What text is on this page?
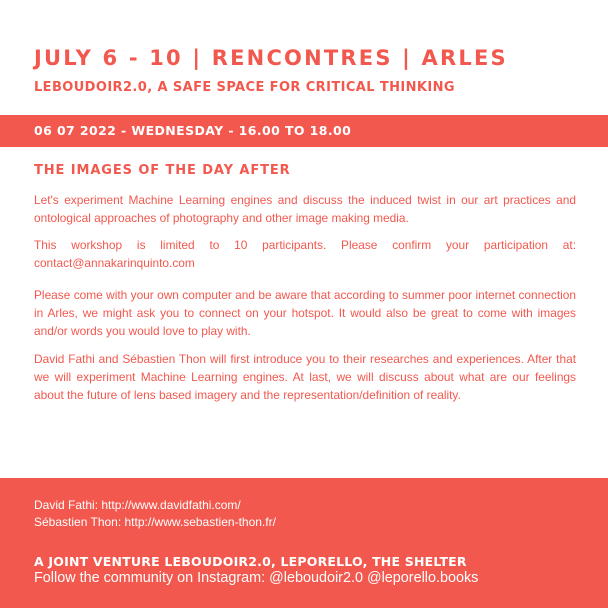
JULY 6 - 10 | RENCONTRES | ARLES
LEBOUDOIR2.0, A SAFE SPACE FOR CRITICAL THINKING
06 07 2022 - WEDNESDAY - 16.00 TO 18.00
THE IMAGES OF THE DAY AFTER

Let's experiment Machine Learning engines and discuss the induced twist in our art practices and ontological approaches of photography and other image making media.

This workshop is limited to 10 participants. Please confirm your participation at: contact@annakarinquinto.com

Please come with your own computer and be aware that according to summer poor internet connection in Arles, we might ask you to connect on your hotspot. It would also be great to come with images and/or words you would love to play with.

David Fathi and Sébastien Thon will first introduce you to their researches and experiences. After that we will experiment Machine Learning engines. At last, we will discuss about what are our feelings about the future of lens based imagery and the representation/definition of reality.

David Fathi: http://www.davidfathi.com/
Sébastien Thon: http://www.sebastien-thon.fr/
A JOINT VENTURE LEBOUDOIR2.0, LEPORELLO, THE SHELTER
Follow the community on Instagram: @leboudoir2.0 @leporello.books
